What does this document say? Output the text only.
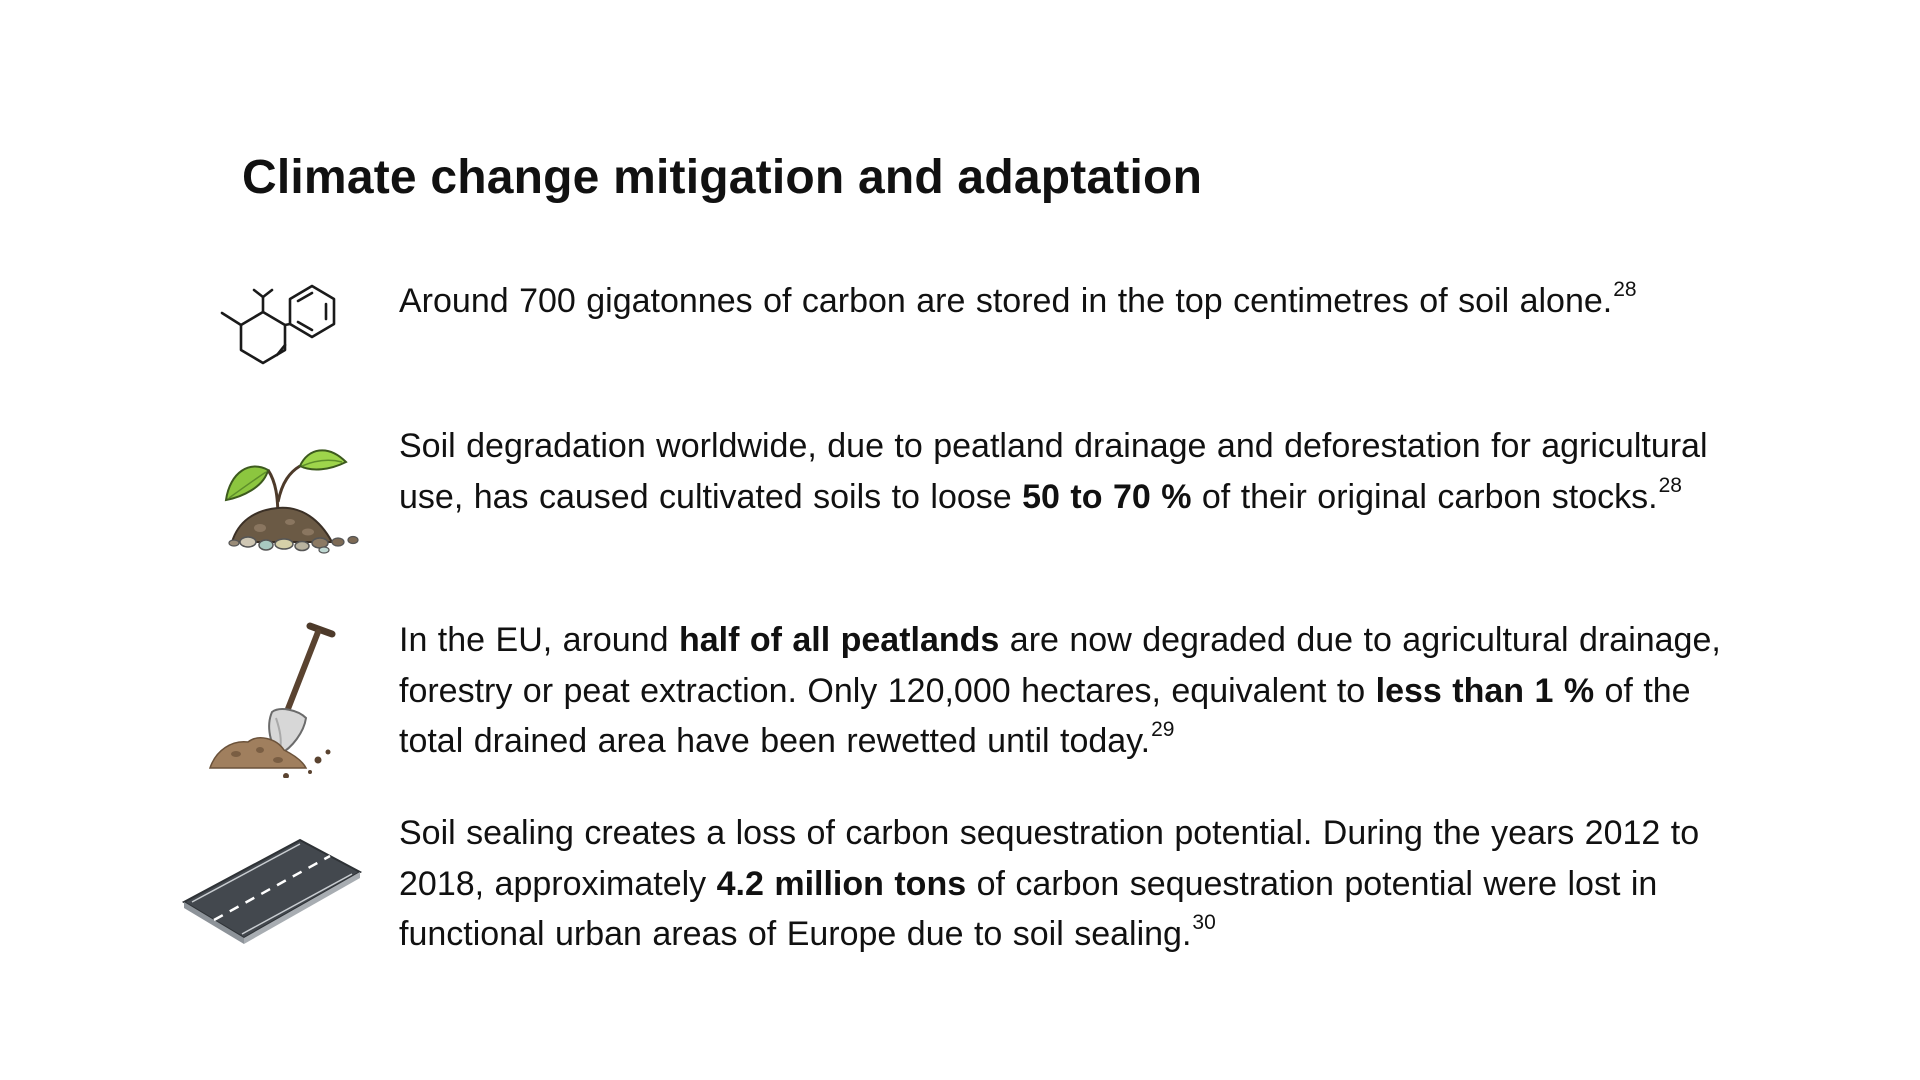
Climate change mitigation and adaptation

Around 700 gigatonnes of carbon are stored in the top centimetres of soil alone.$^{28}$

Soil degradation worldwide, due to peatland drainage and deforestation for agricultural use, has caused cultivated soils to loose 50 to 70 % of their original carbon stocks.$^{28}$

In the EU, around half of all peatlands are now degraded due to agricultural drainage, forestry or peat extraction. Only 120,000 hectares, equivalent to less than 1 % of the total drained area have been rewetted until today.$^{29}$

Soil sealing creates a loss of carbon sequestration potential. During the years 2012 to 2018, approximately 4.2 million tons of carbon sequestration potential were lost in functional urban areas of Europe due to soil sealing.$^{30}$
